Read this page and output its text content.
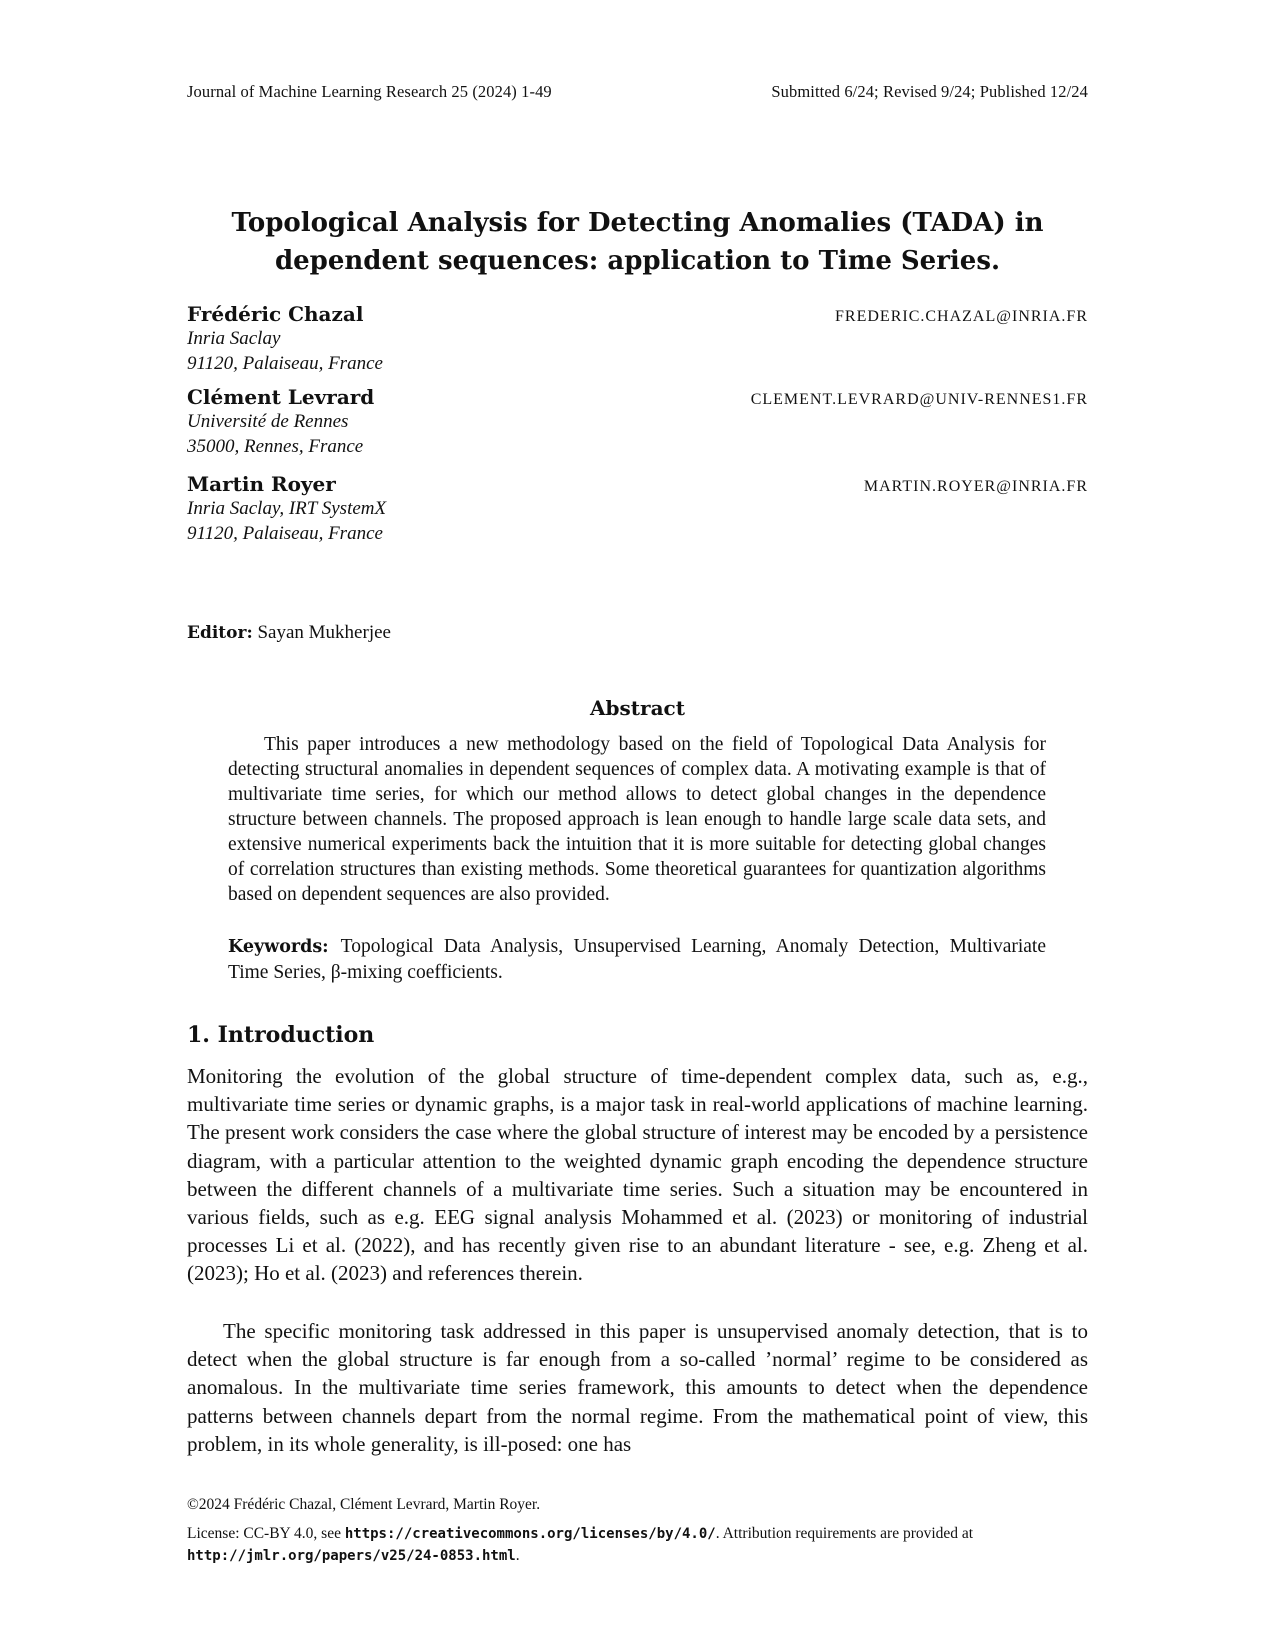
Journal of Machine Learning Research 25 (2024) 1-49	Submitted 6/24; Revised 9/24; Published 12/24
Topological Analysis for Detecting Anomalies (TADA) in
dependent sequences: application to Time Series.
Frédéric Chazal	FREDERIC.CHAZAL@INRIA.FR
Inria Saclay
91120, Palaiseau, France
Clément Levrard	CLEMENT.LEVRARD@UNIV-RENNES1.FR
Université de Rennes
35000, Rennes, France
Martin Royer	MARTIN.ROYER@INRIA.FR
Inria Saclay, IRT SystemX
91120, Palaiseau, France
Editor: Sayan Mukherjee
Abstract

This paper introduces a new methodology based on the field of Topological Data Analysis for detecting structural anomalies in dependent sequences of complex data. A motivating example is that of multivariate time series, for which our method allows to detect global changes in the dependence structure between channels. The proposed approach is lean enough to handle large scale data sets, and extensive numerical experiments back the intuition that it is more suitable for detecting global changes of correlation structures than existing methods. Some theoretical guarantees for quantization algorithms based on dependent sequences are also provided.

Keywords: Topological Data Analysis, Unsupervised Learning, Anomaly Detection, Multivariate Time Series, β-mixing coefficients.

1. Introduction

Monitoring the evolution of the global structure of time-dependent complex data, such as, e.g., multivariate time series or dynamic graphs, is a major task in real-world applications of machine learning. The present work considers the case where the global structure of interest may be encoded by a persistence diagram, with a particular attention to the weighted dynamic graph encoding the dependence structure between the different channels of a multivariate time series. Such a situation may be encountered in various fields, such as e.g. EEG signal analysis Mohammed et al. (2023) or monitoring of industrial processes Li et al. (2022), and has recently given rise to an abundant literature - see, e.g. Zheng et al. (2023); Ho et al. (2023) and references therein.

The specific monitoring task addressed in this paper is unsupervised anomaly detection, that is to detect when the global structure is far enough from a so-called ’normal’ regime to be considered as anomalous. In the multivariate time series framework, this amounts to detect when the dependence patterns between channels depart from the normal regime. From the mathematical point of view, this problem, in its whole generality, is ill-posed: one has

©2024 Frédéric Chazal, Clément Levrard, Martin Royer.

License: CC-BY 4.0, see https://creativecommons.org/licenses/by/4.0/. Attribution requirements are provided at http://jmlr.org/papers/v25/24-0853.html.
